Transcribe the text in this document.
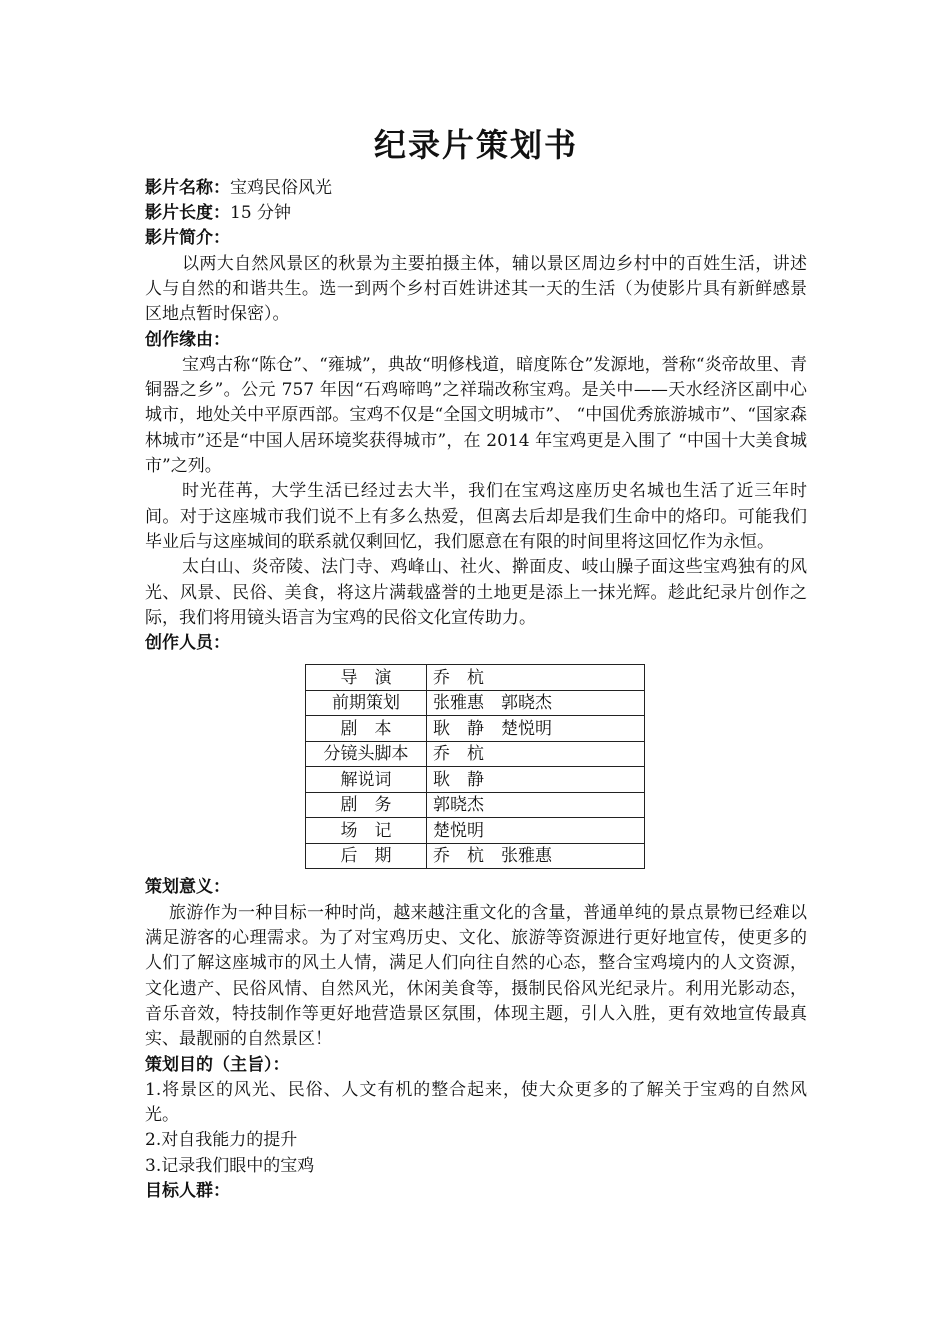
纪录片策划书

影片名称：宝鸡民俗风光

影片长度：15 分钟

影片简介：

以两大自然风景区的秋景为主要拍摄主体，辅以景区周边乡村中的百姓生活，讲述人与自然的和谐共生。选一到两个乡村百姓讲述其一天的生活（为使影片具有新鲜感景区地点暂时保密）。

创作缘由：

宝鸡古称“陈仓”、“雍城”，典故“明修栈道，暗度陈仓”发源地，誉称“炎帝故里、青铜器之乡”。公元 757 年因“石鸡啼鸣”之祥瑞改称宝鸡。是关中——天水经济区副中心城市，地处关中平原西部。宝鸡不仅是“全国文明城市”、 “中国优秀旅游城市”、“国家森林城市”还是“中国人居环境奖获得城市”，在 2014 年宝鸡更是入围了 “中国十大美食城市”之列。

时光荏苒，大学生活已经过去大半，我们在宝鸡这座历史名城也生活了近三年时间。对于这座城市我们说不上有多么热爱，但离去后却是我们生命中的烙印。可能我们毕业后与这座城间的联系就仅剩回忆，我们愿意在有限的时间里将这回忆作为永恒。

太白山、炎帝陵、法门寺、鸡峰山、社火、擀面皮、岐山臊子面这些宝鸡独有的风光、风景、民俗、美食，将这片满载盛誉的土地更是添上一抹光辉。趁此纪录片创作之际，我们将用镜头语言为宝鸡的民俗文化宣传助力。

创作人员：

导　演	乔　杭
前期策划	张雅惠　郭晓杰
剧　本	耿　静　楚悦明
分镜头脚本	乔　杭
解说词	耿　静
剧　务	郭晓杰
场　记	楚悦明
后　期	乔　杭　张雅惠

策划意义：

旅游作为一种目标一种时尚，越来越注重文化的含量，普通单纯的景点景物已经难以满足游客的心理需求。为了对宝鸡历史、文化、旅游等资源进行更好地宣传，使更多的人们了解这座城市的风土人情，满足人们向往自然的心态，整合宝鸡境内的人文资源，文化遗产、民俗风情、自然风光，休闲美食等，摄制民俗风光纪录片。利用光影动态，音乐音效，特技制作等更好地营造景区氛围，体现主题，引人入胜，更有效地宣传最真实、最靓丽的自然景区！

策划目的（主旨）：

1.将景区的风光、民俗、人文有机的整合起来，使大众更多的了解关于宝鸡的自然风光。

2.对自我能力的提升

3.记录我们眼中的宝鸡

目标人群：
